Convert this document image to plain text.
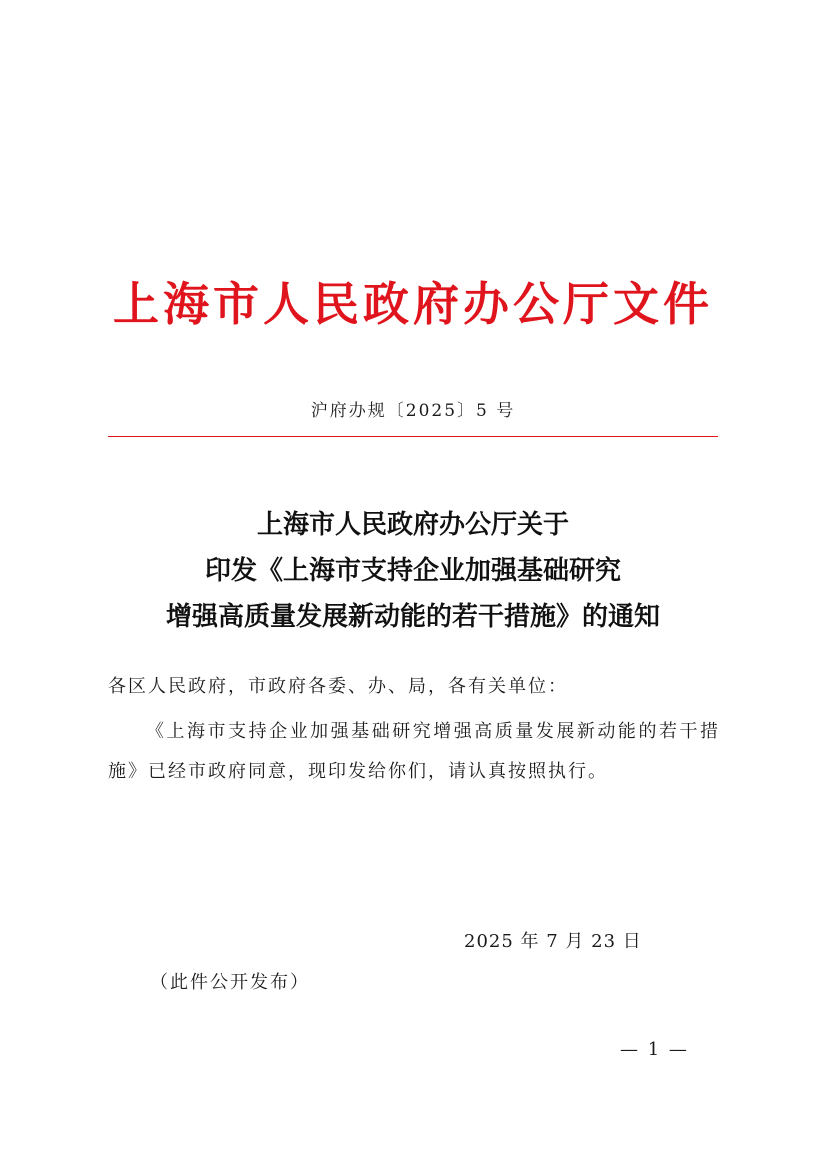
上海市人民政府办公厅文件
沪府办规〔2025〕5 号
上海市人民政府办公厅关于
印发《上海市支持企业加强基础研究
增强高质量发展新动能的若干措施》的通知
各区人民政府，市政府各委、办、局，各有关单位：
《上海市支持企业加强基础研究增强高质量发展新动能的若干措施》已经市政府同意，现印发给你们，请认真按照执行。
2025 年 7 月 23 日
（此件公开发布）
— 1 —
